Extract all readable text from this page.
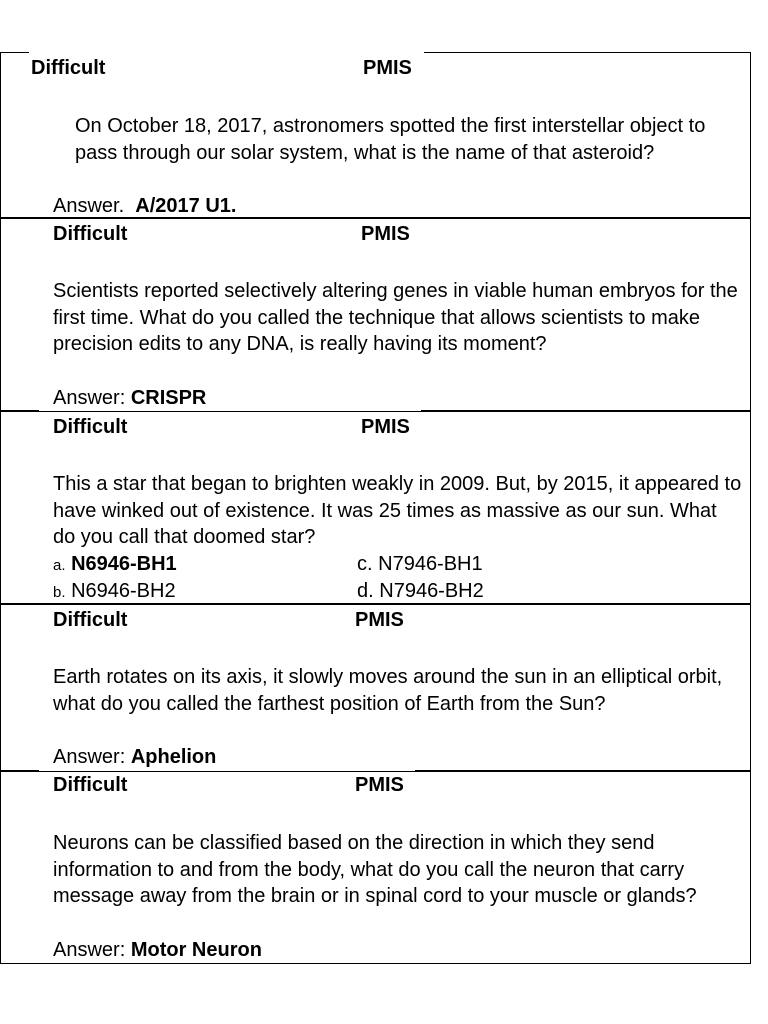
Difficult	PMIS

On October 18, 2017, astronomers spotted the first interstellar object to pass through our solar system, what is the name of that asteroid?

Answer. A/2017 U1.

Difficult	PMIS

Scientists reported selectively altering genes in viable human embryos for the first time. What do you called the technique that allows scientists to make precision edits to any DNA, is really having its moment?

Answer: CRISPR

Difficult	PMIS

This a star that began to brighten weakly in 2009. But, by 2015, it appeared to have winked out of existence. It was 25 times as massive as our sun. What do you call that doomed star?

a. N6946-BH1

b. N6946-BH2

c. N7946-BH1

d. N7946-BH2

Difficult	PMIS

Earth rotates on its axis, it slowly moves around the sun in an elliptical orbit, what do you called the farthest position of Earth from the Sun?

Answer: Aphelion

Difficult	PMIS

Neurons can be classified based on the direction in which they send information to and from the body, what do you call the neuron that carry message away from the brain or in spinal cord to your muscle or glands?

Answer: Motor Neuron
